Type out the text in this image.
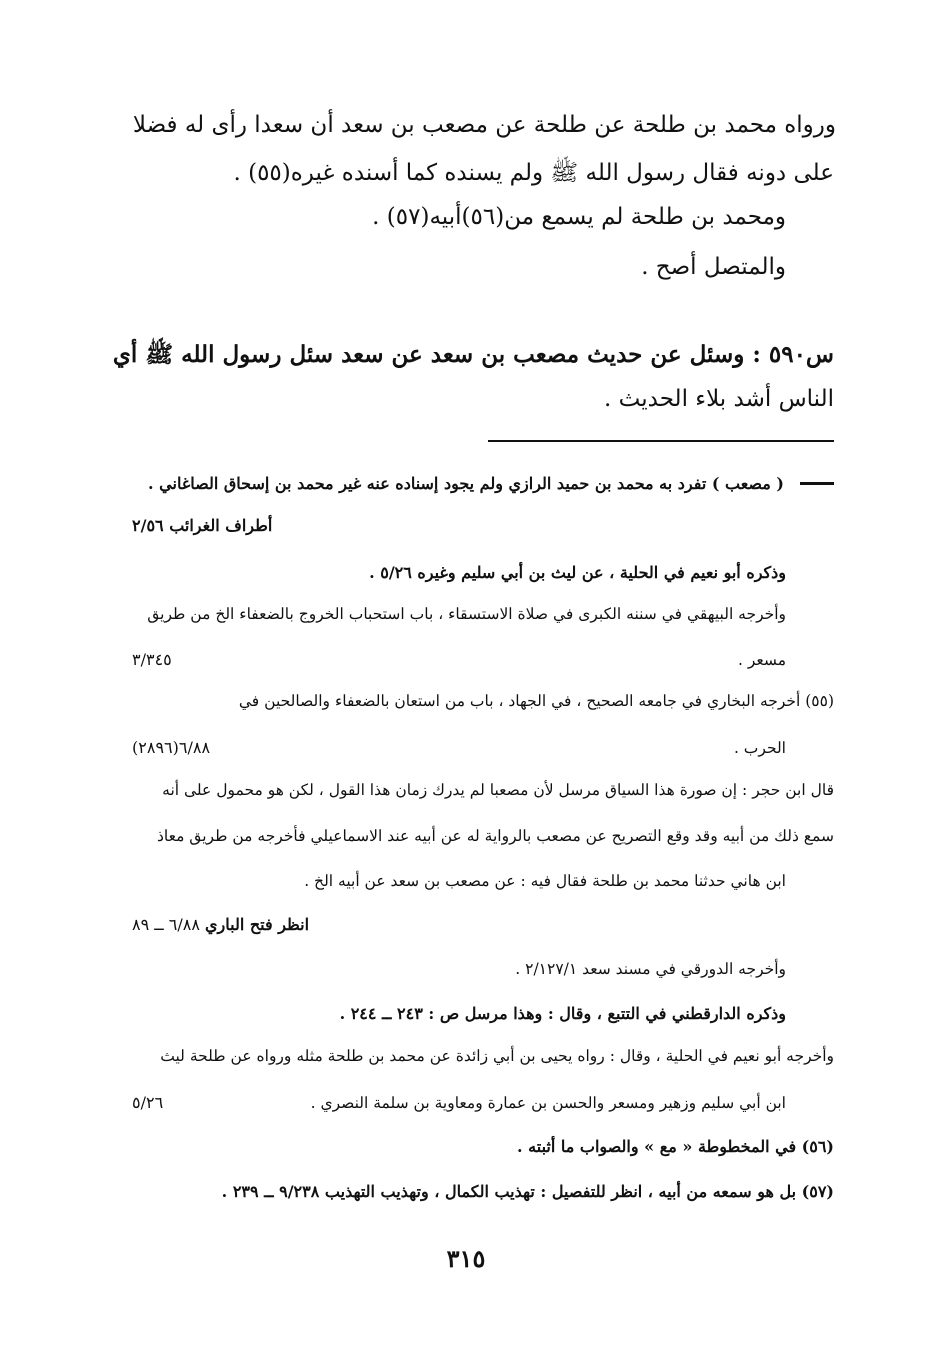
ورواه محمد بن طلحة عن طلحة عن مصعب بن سعد أن سعدا رأى له فضلا
على دونه فقال رسول الله ﷺ ولم يسنده كما أسنده غيره(٥٥) .
ومحمد بن طلحة لم يسمع من(٥٦)أبيه(٥٧) .
والمتصل أصح .
س٥٩٠ : وسئل عن حديث مصعب بن سعد عن سعد سئل رسول الله ﷺ أي
الناس أشد بلاء الحديث .
( مصعب ) تفرد به محمد بن حميد الرازي ولم يجود إسناده عنه غير محمد بن إسحاق الصاغاني .
أطراف الغرائب ٢/٥٦
وذكره أبو نعيم في الحلية ، عن ليث بن أبي سليم وغيره ٥/٢٦ .
وأخرجه البيهقي في سننه الكبرى في صلاة الاستسقاء ، باب استحباب الخروج بالضعفاء الخ من طريق
مسعر .
٣/٣٤٥
(٥٥) أخرجه البخاري في جامعه الصحيح ، في الجهاد ، باب من استعان بالضعفاء والصالحين في
الحرب .
٦/٨٨(٢٨٩٦)
قال ابن حجر : إن صورة هذا السياق مرسل لأن مصعبا لم يدرك زمان هذا القول ، لكن هو محمول على أنه
سمع ذلك من أبيه وقد وقع التصريح عن مصعب بالرواية له عن أبيه عند الاسماعيلي فأخرجه من طريق معاذ
ابن هاني حدثنا محمد بن طلحة فقال فيه : عن مصعب بن سعد عن أبيه الخ .
انظر فتح الباري ٦/٨٨ ــ ٨٩
وأخرجه الدورقي في مسند سعد ٢/١٢٧/١ .
وذكره الدارقطني في التتبع ، وقال : وهذا مرسل ص : ٢٤٣ ــ ٢٤٤ .
وأخرجه أبو نعيم في الحلية ، وقال : رواه يحيى بن أبي زائدة عن محمد بن طلحة مثله ورواه عن طلحة ليث
ابن أبي سليم وزهير ومسعر والحسن بن عمارة ومعاوية بن سلمة النصري .
٥/٢٦
(٥٦) في المخطوطة « مع » والصواب ما أثبته .
(٥٧) بل هو سمعه من أبيه ، انظر للتفصيل : تهذيب الكمال ، وتهذيب التهذيب ٩/٢٣٨ ــ ٢٣٩ .
٣١٥
